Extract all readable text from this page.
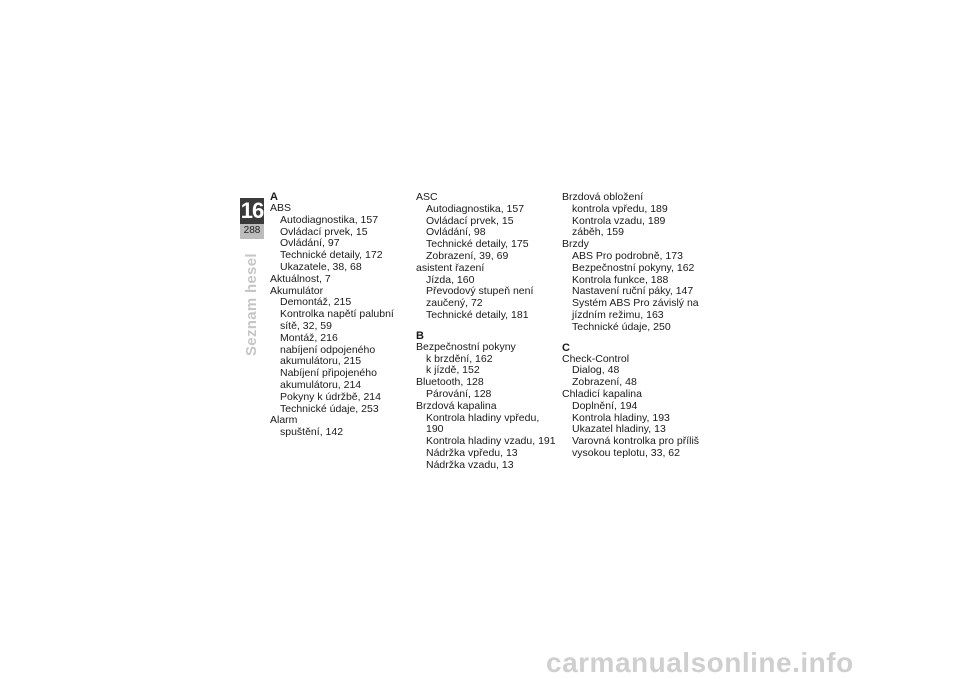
16
288
Seznam hesel
A
ABS
Autodiagnostika, 157
Ovládací prvek, 15
Ovládání, 97
Technické detaily, 172
Ukazatele, 38, 68
Aktuálnost, 7
Akumulátor
Demontáž, 215
Kontrolka napětí palubní
sítě, 32, 59
Montáž, 216
nabíjení odpojeného
akumulátoru, 215
Nabíjení připojeného
akumulátoru, 214
Pokyny k údržbě, 214
Technické údaje, 253
Alarm
spuštění, 142
ASC
Autodiagnostika, 157
Ovládací prvek, 15
Ovládání, 98
Technické detaily, 175
Zobrazení, 39, 69
asistent řazení
Jízda, 160
Převodový stupeň není
zaučený, 72
Technické detaily, 181
B
Bezpečnostní pokyny
k brzdění, 162
k jízdě, 152
Bluetooth, 128
Párování, 128
Brzdová kapalina
Kontrola hladiny vpředu, 190
Kontrola hladiny vzadu, 191
Nádržka vpředu, 13
Nádržka vzadu, 13
Brzdová obložení
kontrola vpředu, 189
Kontrola vzadu, 189
záběh, 159
Brzdy
ABS Pro podrobně, 173
Bezpečnostní pokyny, 162
Kontrola funkce, 188
Nastavení ruční páky, 147
Systém ABS Pro závislý na
jízdním režimu, 163
Technické údaje, 250
C
Check-Control
Dialog, 48
Zobrazení, 48
Chladicí kapalina
Doplnění, 194
Kontrola hladiny, 193
Ukazatel hladiny, 13
Varovná kontrolka pro příliš
vysokou teplotu, 33, 62
carmanualsonline.info
